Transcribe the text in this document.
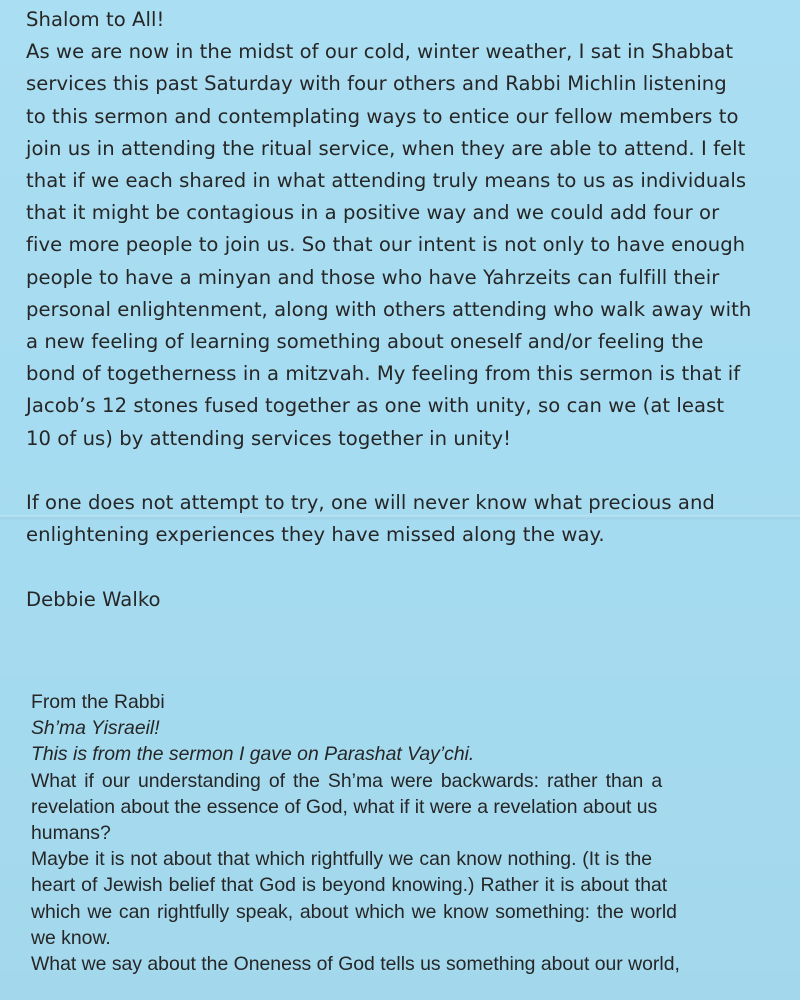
Shalom to All!

As we are now in the midst of our cold, winter weather, I sat in Shabbat
services this past Saturday with four others and Rabbi Michlin listening
to this sermon and contemplating ways to entice our fellow members to
join us in attending the ritual service, when they are able to attend. I felt
that if we each shared in what attending truly means to us as individuals
that it might be contagious in a positive way and we could add four or
five more people to join us. So that our intent is not only to have enough
people to have a minyan and those who have Yahrzeits can fulfill their
personal enlightenment, along with others attending who walk away with
a new feeling of learning something about oneself and/or feeling the
bond of togetherness in a mitzvah. My feeling from this sermon is that if
Jacob’s 12 stones fused together as one with unity, so can we (at least
10 of us) by attending services together in unity!

If one does not attempt to try, one will never know what precious and
enlightening experiences they have missed along the way.

Debbie Walko

From the Rabbi

Sh’ma Yisraeil!

This is from the sermon I gave on Parashat Vay’chi.

What if our understanding of the Sh’ma were backwards: rather than a
revelation about the essence of God, what if it were a revelation about us
humans?

Maybe it is not about that which rightfully we can know nothing. (It is the
heart of Jewish belief that God is beyond knowing.) Rather it is about that
which we can rightfully speak, about which we know something: the world
we know.

What we say about the Oneness of God tells us something about our world,
